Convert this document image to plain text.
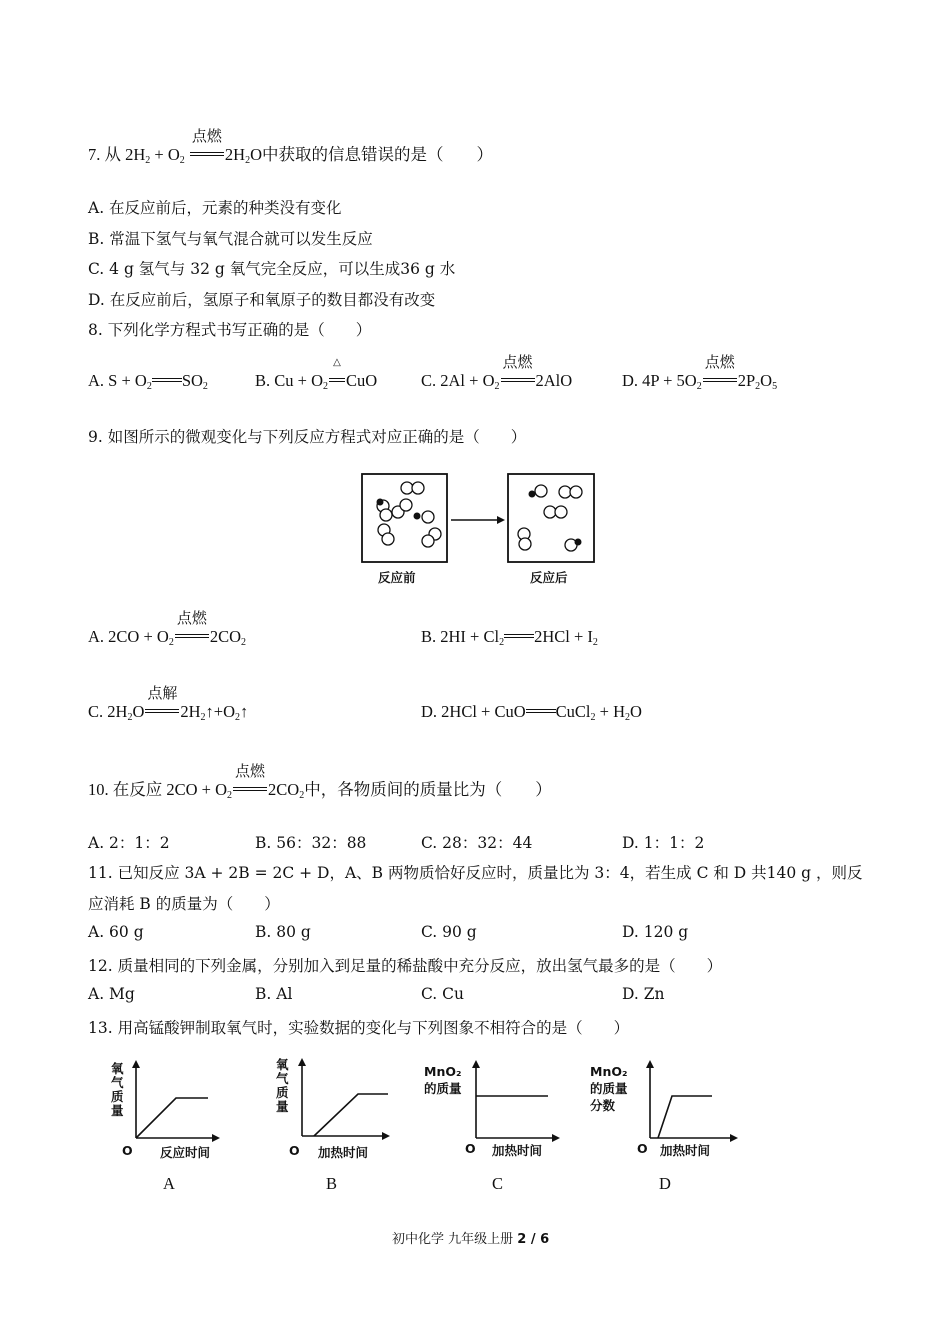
7. 从 $2H_2 + O_2$
点燃
$2H_2O$中获取的信息错误的是（　　）
A. 在反应前后，元素的种类没有变化
B. 常温下氢气与氧气混合就可以发生反应
C. 4 g 氢气与 32 g 氧气完全反应，可以生成36 g 水
D. 在反应前后，氢原子和氧原子的数目都没有改变
8. 下列化学方程式书写正确的是（　　）
A. $S + O_2$ $SO_2$	B. $Cu + O_2$
△
CuO	C. $2Al + O_2$
点燃
2AlO	D. $4P + 5O_2$
点燃
$2P_2O_5$
9. 如图所示的微观变化与下列反应方程式对应正确的是（　　）
反应前	反应后
A. $2CO + O_2$
点燃
$2CO_2$	B. $2HI + Cl_2$ $2HCl + I_2$
C. $2H_2O$
点解
$2H_2↑+O_2↑$	D. 2HCl + CuO CuCl$_2$ + $H_2O$
10. 在反应 $2CO + O_2$
点燃
$2CO_2$中，各物质间的质量比为（　　）
A. 2：1：2	B. 56：32：88	C. 28：32：44	D. 1：1：2
11. 已知反应 3A + 2B = 2C + D，A、B 两物质恰好反应时，质量比为 3：4，若生成 C 和 D 共140 g ，则反
应消耗 B 的质量为（　　）
A. 60 g	B. 80 g	C. 90 g	D. 120 g
12. 质量相同的下列金属，分别加入到足量的稀盐酸中充分反应，放出氢气最多的是（　　）
A. Mg	B. Al	C. Cu	D. Zn
13. 用高锰酸钾制取氧气时，实验数据的变化与下列图象不相符合的是（　　）
氧
气
质
量
O 反应时间
A
氧
气
质
量
O 加热时间
B
MnO₂
的质量
O 加热时间
C
MnO₂
的质量
分数
O 加热时间
D
初中化学 九年级上册 2 / 6
